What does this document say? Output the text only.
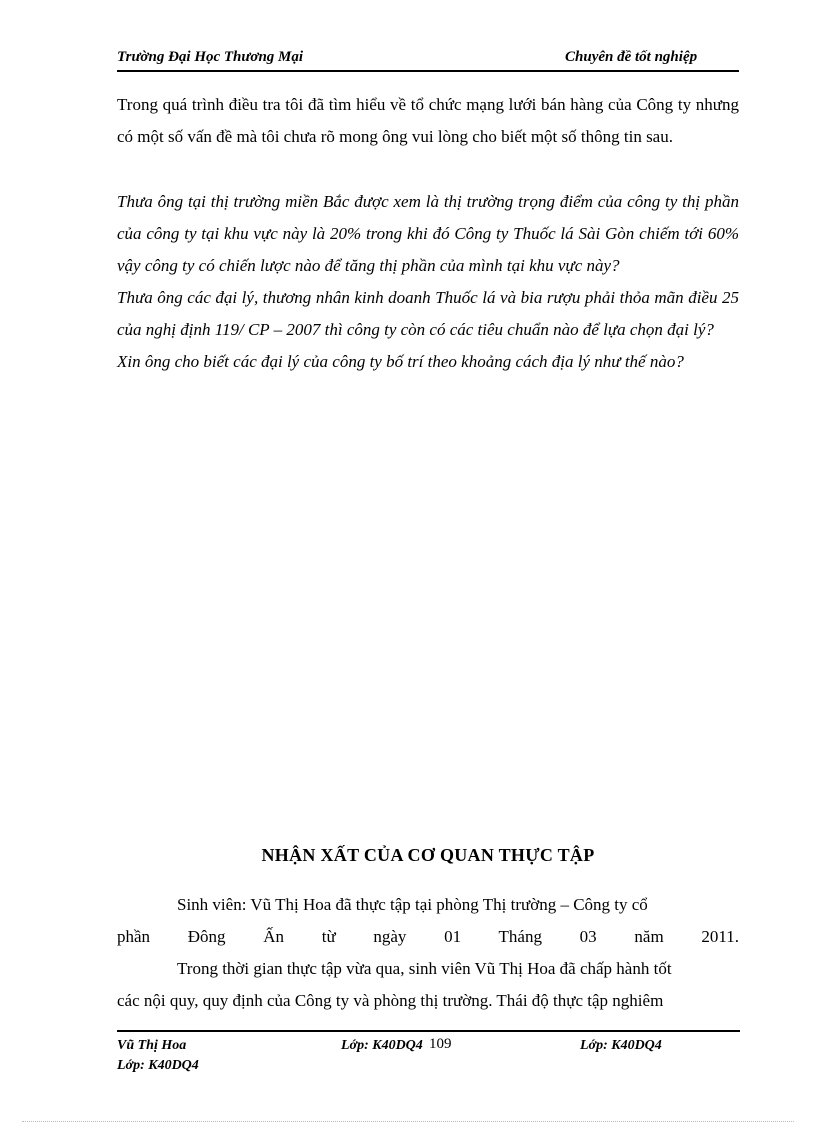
Trường Đại Học Thương Mại	Chuyên đề tốt nghiệp

Trong quá trình điều tra tôi đã tìm hiểu về tổ chức mạng lưới bán hàng của Công ty nhưng có một số vấn đề mà tôi chưa rõ mong ông vui lòng cho biết một số thông tin sau.

Thưa ông tại thị trường miền Bắc được xem là thị trường trọng điểm của công ty thị phần của công ty tại khu vực này là 20% trong khi đó Công ty Thuốc lá Sài Gòn chiếm tới 60% vậy công ty có chiến lược nào để tăng thị phần của mình tại khu vực này?

Thưa ông các đại lý, thương nhân kinh doanh Thuốc lá và bia rượu phải thỏa mãn điều 25 của nghị định 119/ CP – 2007 thì công ty còn có các tiêu chuẩn nào để lựa chọn đại lý?

Xin ông cho biết các đại lý của công ty bố trí theo khoảng cách địa lý như thế nào?

NHẬN XẤT CỦA CƠ QUAN THỰC TẬP

Sinh viên: Vũ Thị Hoa đã thực tập tại phòng Thị trường – Công ty cổ

phần Đông Ấn từ ngày 01 Tháng 03 năm 2011.

Trong thời gian thực tập vừa qua, sinh viên Vũ Thị Hoa đã chấp hành tốt

các nội quy, quy định của Công ty và phòng thị trường. Thái độ thực tập nghiêm

Vũ Thị Hoa	Lớp: K40DQ4 109	Lớp: K40DQ4
Lớp: K40DQ4
